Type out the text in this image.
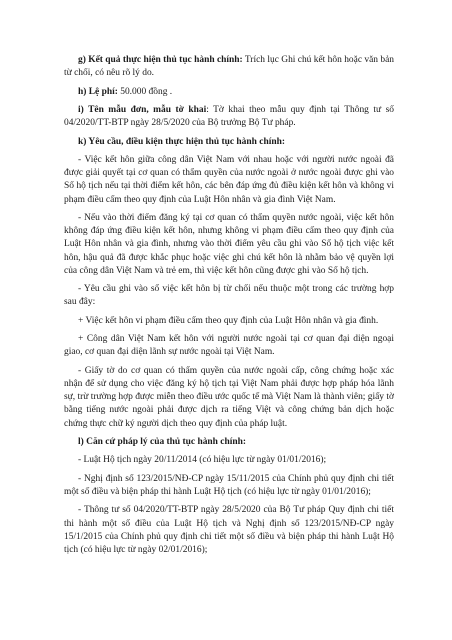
g) Kết quả thực hiện thủ tục hành chính: Trích lục Ghi chú kết hôn hoặc văn bản từ chối, có nêu rõ lý do.

h) Lệ phí: 50.000 đồng .

i) Tên mẫu đơn, mẫu tờ khai: Tờ khai theo mẫu quy định tại Thông tư số 04/2020/TT-BTP ngày 28/5/2020 của Bộ trưởng Bộ Tư pháp.

k) Yêu cầu, điều kiện thực hiện thủ tục hành chính:

- Việc kết hôn giữa công dân Việt Nam với nhau hoặc với người nước ngoài đã được giải quyết tại cơ quan có thẩm quyền của nước ngoài ở nước ngoài được ghi vào Sổ hộ tịch nếu tại thời điểm kết hôn, các bên đáp ứng đủ điều kiện kết hôn và không vi phạm điều cấm theo quy định của Luật Hôn nhân và gia đình Việt Nam.

- Nếu vào thời điểm đăng ký tại cơ quan có thẩm quyền nước ngoài, việc kết hôn không đáp ứng điều kiện kết hôn, nhưng không vi phạm điều cấm theo quy định của Luật Hôn nhân và gia đình, nhưng vào thời điểm yêu cầu ghi vào Sổ hộ tịch việc kết hôn, hậu quả đã được khắc phục hoặc việc ghi chú kết hôn là nhằm bảo vệ quyền lợi của công dân Việt Nam và trẻ em, thì việc kết hôn cũng được ghi vào Sổ hộ tịch.

- Yêu cầu ghi vào sổ việc kết hôn bị từ chối nếu thuộc một trong các trường hợp sau đây:

+ Việc kết hôn vi phạm điều cấm theo quy định của Luật Hôn nhân và gia đình.

+ Công dân Việt Nam kết hôn với người nước ngoài tại cơ quan đại diện ngoại giao, cơ quan đại diện lãnh sự nước ngoài tại Việt Nam.

- Giấy tờ do cơ quan có thẩm quyền của nước ngoài cấp, công chứng hoặc xác nhận để sử dụng cho việc đăng ký hộ tịch tại Việt Nam phải được hợp pháp hóa lãnh sự, trừ trường hợp được miễn theo điều ước quốc tế mà Việt Nam là thành viên; giấy tờ bằng tiếng nước ngoài phải được dịch ra tiếng Việt và công chứng bản dịch hoặc chứng thực chữ ký người dịch theo quy định của pháp luật.

l) Căn cứ pháp lý của thủ tục hành chính:

- Luật Hộ tịch ngày 20/11/2014 (có hiệu lực từ ngày 01/01/2016);

- Nghị định số 123/2015/NĐ-CP ngày 15/11/2015 của Chính phủ quy định chi tiết một số điều và biện pháp thi hành Luật Hộ tịch (có hiệu lực từ ngày 01/01/2016);

- Thông tư số 04/2020/TT-BTP ngày 28/5/2020 của Bộ Tư pháp Quy định chi tiết thi hành một số điều của Luật Hộ tịch và Nghị định số 123/2015/NĐ-CP ngày 15/1/2015 của Chính phủ quy định chi tiết một số điều và biện pháp thi hành Luật Hộ tịch (có hiệu lực từ ngày 02/01/2016);
